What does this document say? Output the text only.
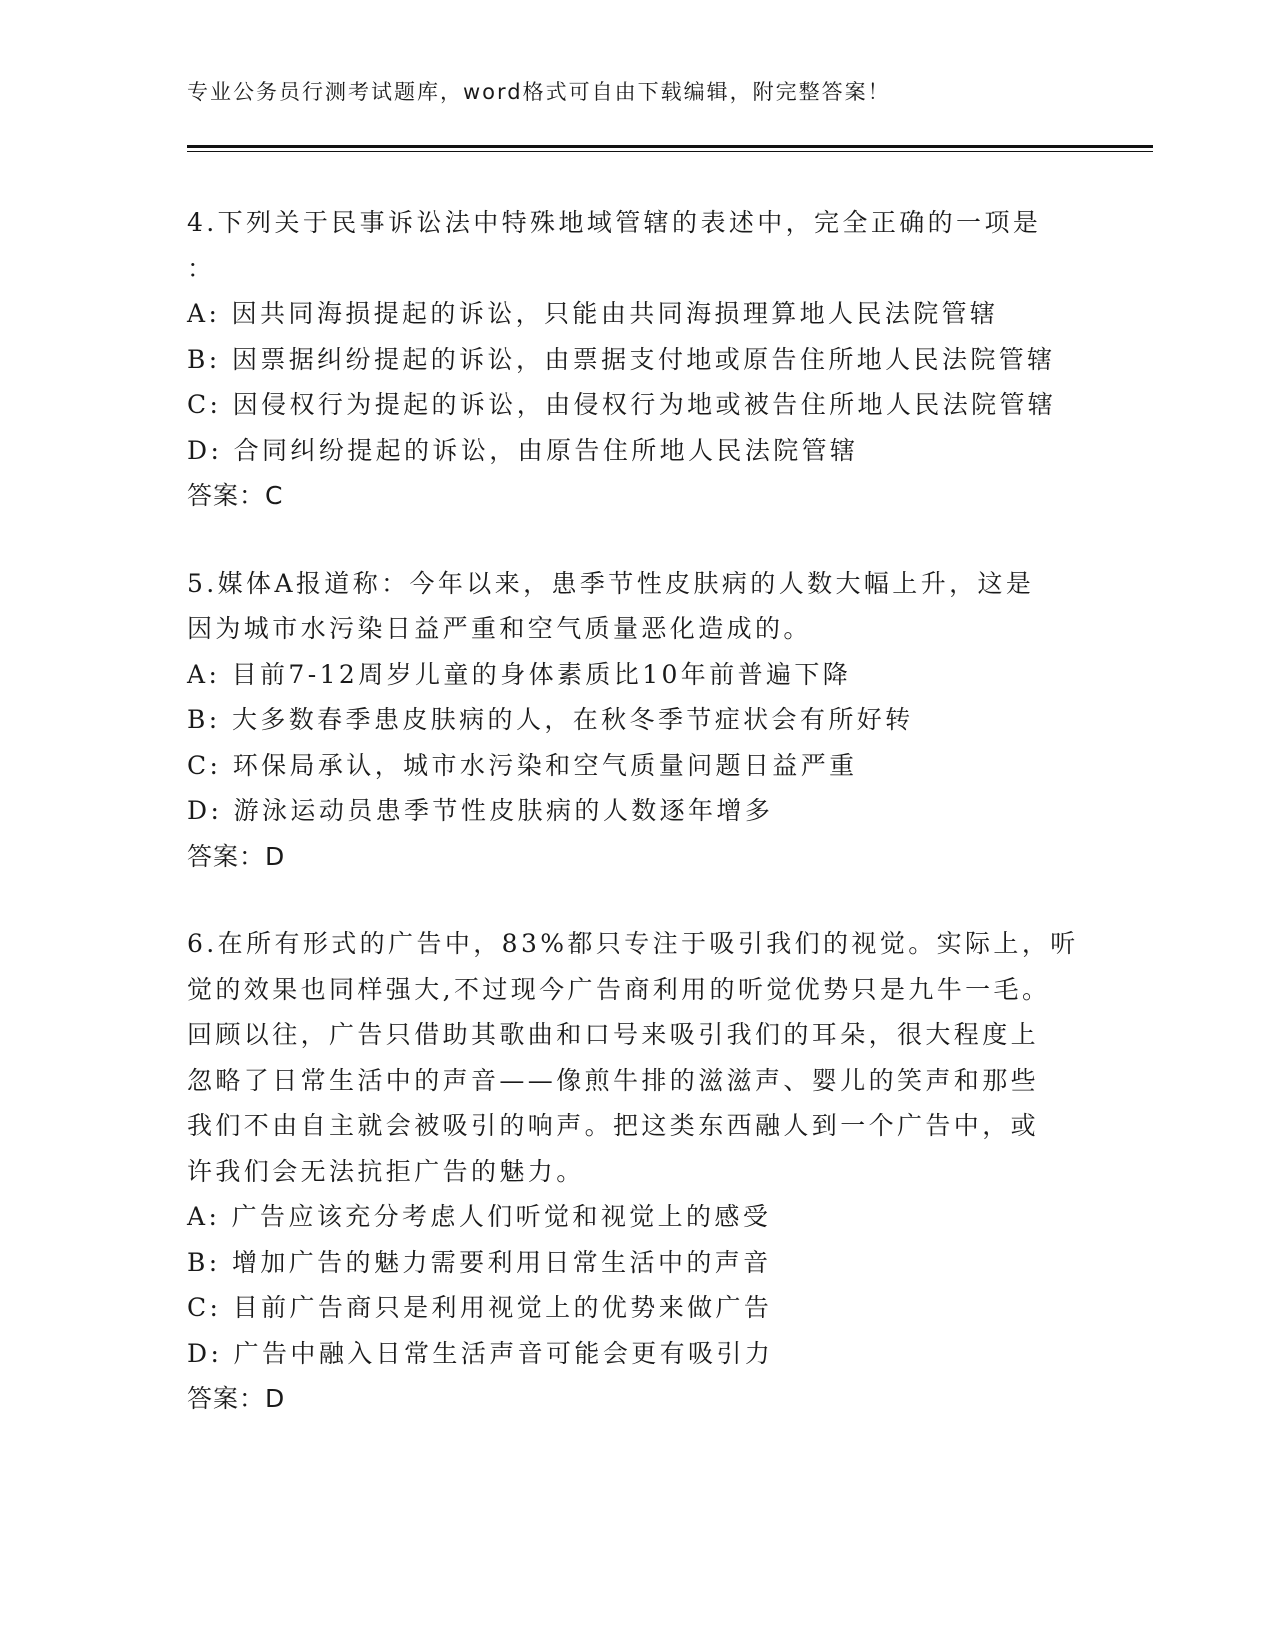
专业公务员行测考试题库，word格式可自由下载编辑，附完整答案！
4.下列关于民事诉讼法中特殊地域管辖的表述中，完全正确的一项是
：
A: 因共同海损提起的诉讼，只能由共同海损理算地人民法院管辖
B: 因票据纠纷提起的诉讼，由票据支付地或原告住所地人民法院管辖
C: 因侵权行为提起的诉讼，由侵权行为地或被告住所地人民法院管辖
D: 合同纠纷提起的诉讼，由原告住所地人民法院管辖
答案：C
5.媒体A报道称：今年以来，患季节性皮肤病的人数大幅上升，这是
因为城市水污染日益严重和空气质量恶化造成的。
A: 目前7-12周岁儿童的身体素质比10年前普遍下降
B: 大多数春季患皮肤病的人，在秋冬季节症状会有所好转
C: 环保局承认，城市水污染和空气质量问题日益严重
D: 游泳运动员患季节性皮肤病的人数逐年增多
答案：D
6.在所有形式的广告中，83%都只专注于吸引我们的视觉。实际上，听
觉的效果也同样强大,不过现今广告商利用的听觉优势只是九牛一毛。
回顾以往，广告只借助其歌曲和口号来吸引我们的耳朵，很大程度上
忽略了日常生活中的声音——像煎牛排的滋滋声、婴儿的笑声和那些
我们不由自主就会被吸引的响声。把这类东西融人到一个广告中，或
许我们会无法抗拒广告的魅力。
A: 广告应该充分考虑人们听觉和视觉上的感受
B: 增加广告的魅力需要利用日常生活中的声音
C: 目前广告商只是利用视觉上的优势来做广告
D: 广告中融入日常生活声音可能会更有吸引力
答案：D
